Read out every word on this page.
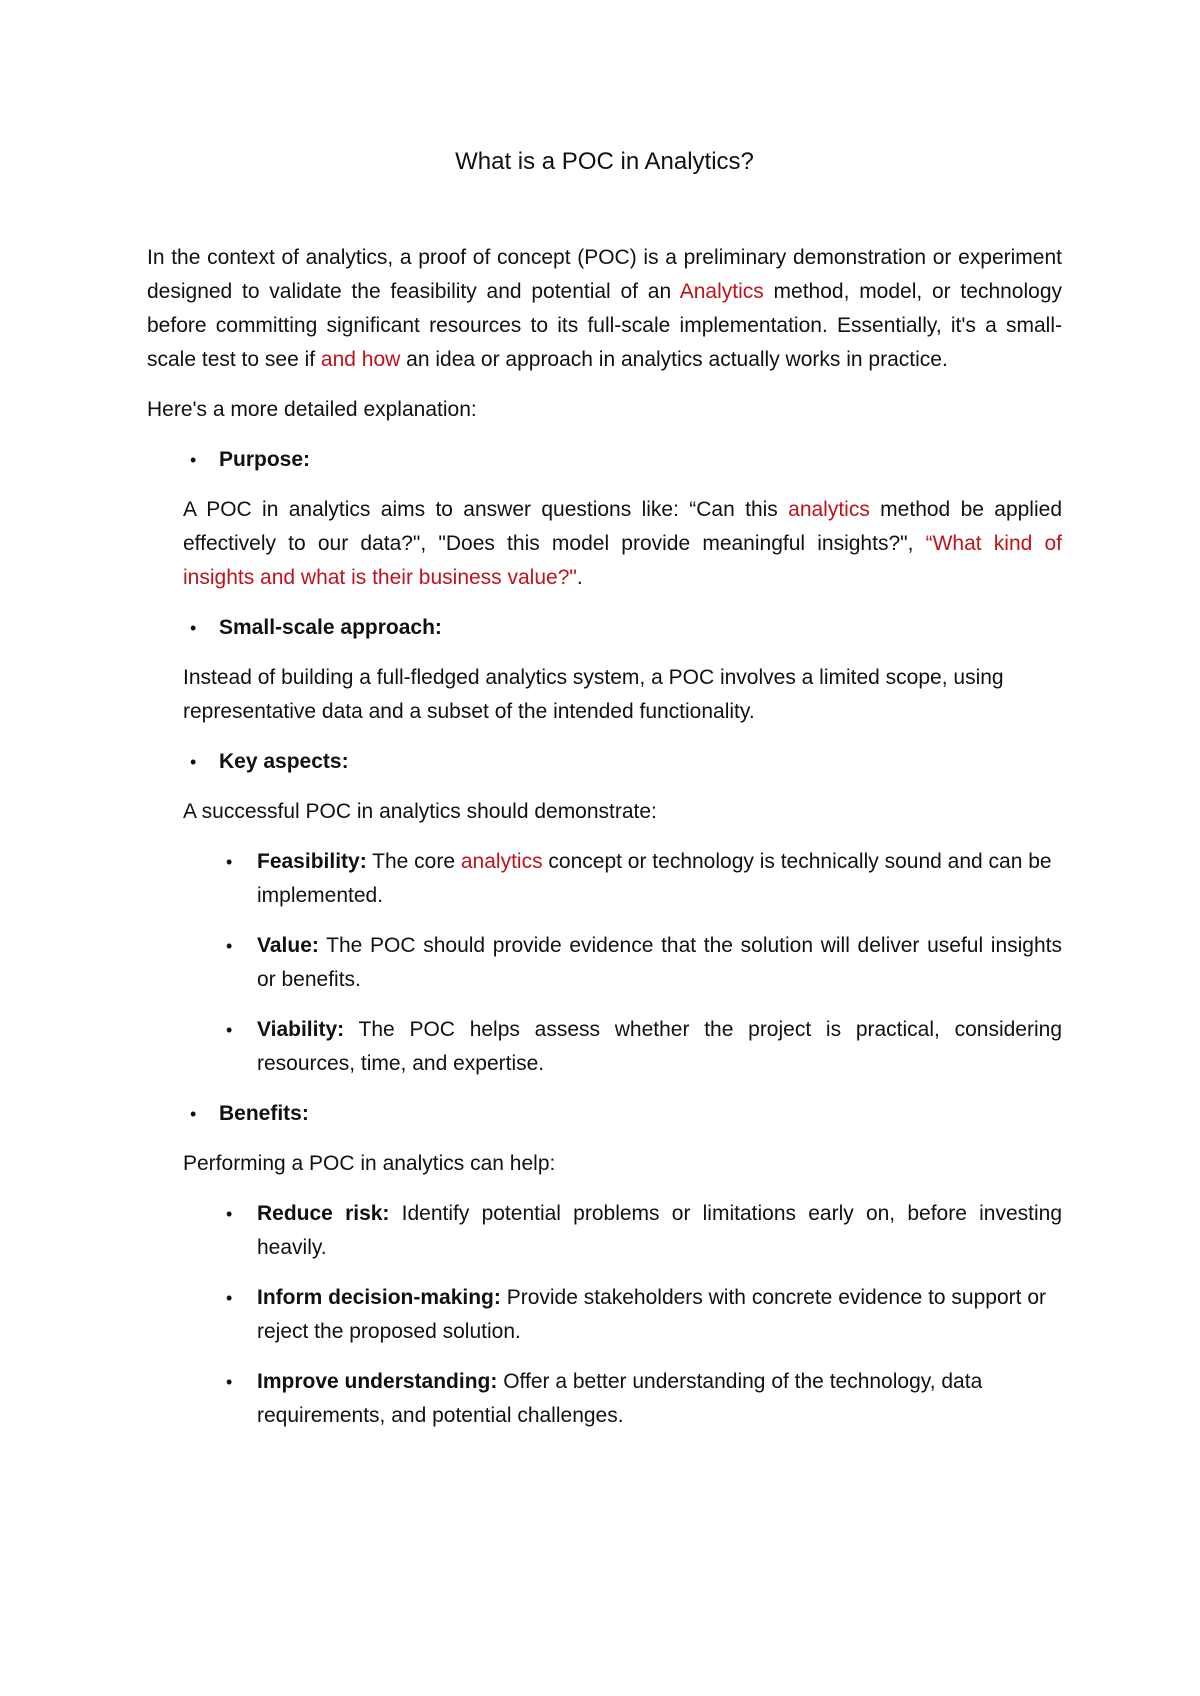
What is a POC in Analytics?

In the context of analytics, a proof of concept (POC) is a preliminary demonstration or experiment designed to validate the feasibility and potential of an Analytics method, model, or technology before committing significant resources to its full-scale implementation. Essentially, it's a small-scale test to see if and how an idea or approach in analytics actually works in practice.

Here's a more detailed explanation:

• Purpose:

A POC in analytics aims to answer questions like: “Can this analytics method be applied effectively to our data?", "Does this model provide meaningful insights?", “What kind of insights and what is their business value?".

• Small-scale approach:

Instead of building a full-fledged analytics system, a POC involves a limited scope, using representative data and a subset of the intended functionality.

• Key aspects:

A successful POC in analytics should demonstrate:

• Feasibility: The core analytics concept or technology is technically sound and can be implemented.
• Value: The POC should provide evidence that the solution will deliver useful insights or benefits.
• Viability: The POC helps assess whether the project is practical, considering resources, time, and expertise.
• Benefits:

Performing a POC in analytics can help:

• Reduce risk: Identify potential problems or limitations early on, before investing heavily.
• Inform decision-making: Provide stakeholders with concrete evidence to support or reject the proposed solution.
• Improve understanding: Offer a better understanding of the technology, data requirements, and potential challenges.
